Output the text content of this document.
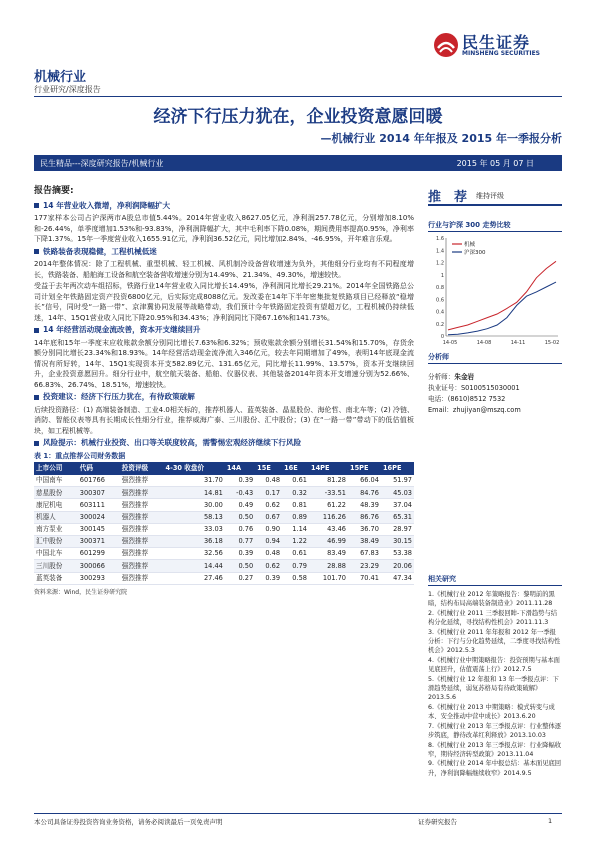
民生证券
MINSHENG SECURITIES
机械行业
行业研究/深度报告
经济下行压力犹在，企业投资意愿回暖
—机械行业 2014 年年报及 2015 年一季报分析
民生精品---深度研究报告/机械行业	2015 年 05 月 07 日
报告摘要:
14 年营业收入微增，净利润降幅扩大
177家样本公司占沪深两市A股总市值5.44%。2014年营业收入8627.05亿元，净利润257.78亿元，分别增加8.10%和-26.44%，单季度增加1.53%和-93.83%，净利润降幅扩大，其中毛利率下降0.08%，期间费用率提高0.95%，净利率下降1.37%。15年一季度营业收入1655.91亿元，净利润36.52亿元，同比增加2.84%、-46.95%，开年难言乐观。
铁路装备表现稳健，工程机械低迷
2014年整体情况：除了工程机械、重型机械、轻工机械、风机制冷设备营收增速为负外，其他细分行业均有不同程度增长，铁路装备、船舶海工设备和航空装备营收增速分别为14.49%、21.34%、49.30%，增速较快。
受益于去年两次动车组招标，铁路行业14年营业收入同比增长14.49%，净利润同比增长29.21%。2014年全国铁路总公司计划全年铁路固定资产投资6800亿元，后实际完成8088亿元。发改委在14年下半年密集批复铁路项目已经释放“稳增长”信号，同时受“一路一带”、京津冀协同发展等战略带动，我们预计今年铁路固定投资有望超万亿，工程机械仍持续低迷，14年、15Q1营业收入同比下降20.95%和34.43%；净利润同比下降67.16%和141.73%。
14 年经营活动现金流改善，资本开支继续回升
14年底和15年一季度末应收账款余额分别同比增长7.63%和6.32%；预收账款余额分别增长31.54%和15.70%，存货余额分别同比增长23.34%和18.93%。14年经营活动现金流净流入346亿元，较去年同期增加了49%，表明14年底现金流情况有所好转，14年、15Q1实现资本开支582.89亿元、131.65亿元，同比增长11.99%、13.57%，资本开支继续回升，企业投资意愿回升。细分行业中，航空航天装备、船舶、仪器仪表、其他装备2014年资本开支增速分别为52.66%、66.83%、26.74%、18.51%，增速较快。
投资建议：经济下行压力犹在，有待政策破解
后续投资路径：(1) 高端装备制造、工业4.0相关标的，推荐机器人、蓝英装备、晶星股份、海伦哲、南北车等；(2) 冷链、消防、智能仪表等具有长期成长性细分行业，推荐威海广泰、三川股份、汇中股份；(3) 在“一路一带”带动下的低估值板块，如工程机械等。
风险提示：机械行业投资、出口等关联度较高，需警惕宏观经济继续下行风险
表 1：重点推荐公司财务数据
上市公司	代码	投资评级	4-30 收盘价	14A	15E	16E	14PE	15PE	16PE
中国南车	601766	强烈推荐	31.70	0.39	0.48	0.61	81.28	66.04	51.97
慈星股份	300307	强烈推荐	14.81	-0.43	0.17	0.32	-33.51	84.76	45.03
康尼机电	603111	强烈推荐	30.00	0.49	0.62	0.81	61.22	48.39	37.04
机器人	300024	强烈推荐	58.13	0.50	0.67	0.89	116.26	86.76	65.31
南方泵业	300145	强烈推荐	33.03	0.76	0.90	1.14	43.46	36.70	28.97
汇中股份	300371	强烈推荐	36.18	0.77	0.94	1.22	46.99	38.49	30.15
中国北车	601299	强烈推荐	32.56	0.39	0.48	0.61	83.49	67.83	53.38
三川股份	300066	强烈推荐	14.44	0.50	0.62	0.79	28.88	23.29	20.06
蓝英装备	300293	强烈推荐	27.46	0.27	0.39	0.58	101.70	70.41	47.34
资料来源：Wind，民生证券研究院
推　荐 维持评级
行业与沪深 300 走势比较
0
0.2
0.4
0.6
0.8
1
1.2
1.4
1.6
14-05	14-08	14-11	15-02
机械
沪深300
分析师
分析师：朱金岩
执业证号：S0100515030001
电话：(8610)8512 7532
Email：zhujiyan@mszq.com
相关研究
1.《机械行业 2012 年策略报告：黎明前的黑暗，结构布局高端装备制造业》2011.11.28
2.《机械行业 2011 三季报回眸-下滑趋势与结构分化延续，寻找结构性机会》2011.11.3
3.《机械行业 2011 年年报和 2012 年一季报分析：下行与分化趋势延续，二季度寻找结构性机会》2012.5.3
4.《机械行业中期策略报告：投资预期与基本面见底回升，估值震荡上行》2012.7.5
5.《机械行业 12 年报和 13 年一季报点评：下滑趋势延续，弱复苏格局有待政策破解》2013.5.6
6.《机械行业 2013 中期策略：模式转变与成本、安全推动中营中成长》2013.6.20
7.《机械行业 2013 年三季报点评：行业整体逐步筑底，静待改革红利释放》2013.10.03
8.《机械行业 2013 年三季报点评：行业降幅收窄，期待经济转型政策》2013.11.04
9.《机械行业 2014 年中报总结：基本面见底回升，净利润降幅继续收窄》2014.9.5
本公司具备证券投资咨询业务资格，请务必阅读最后一页免责声明	证券研究报告	1
